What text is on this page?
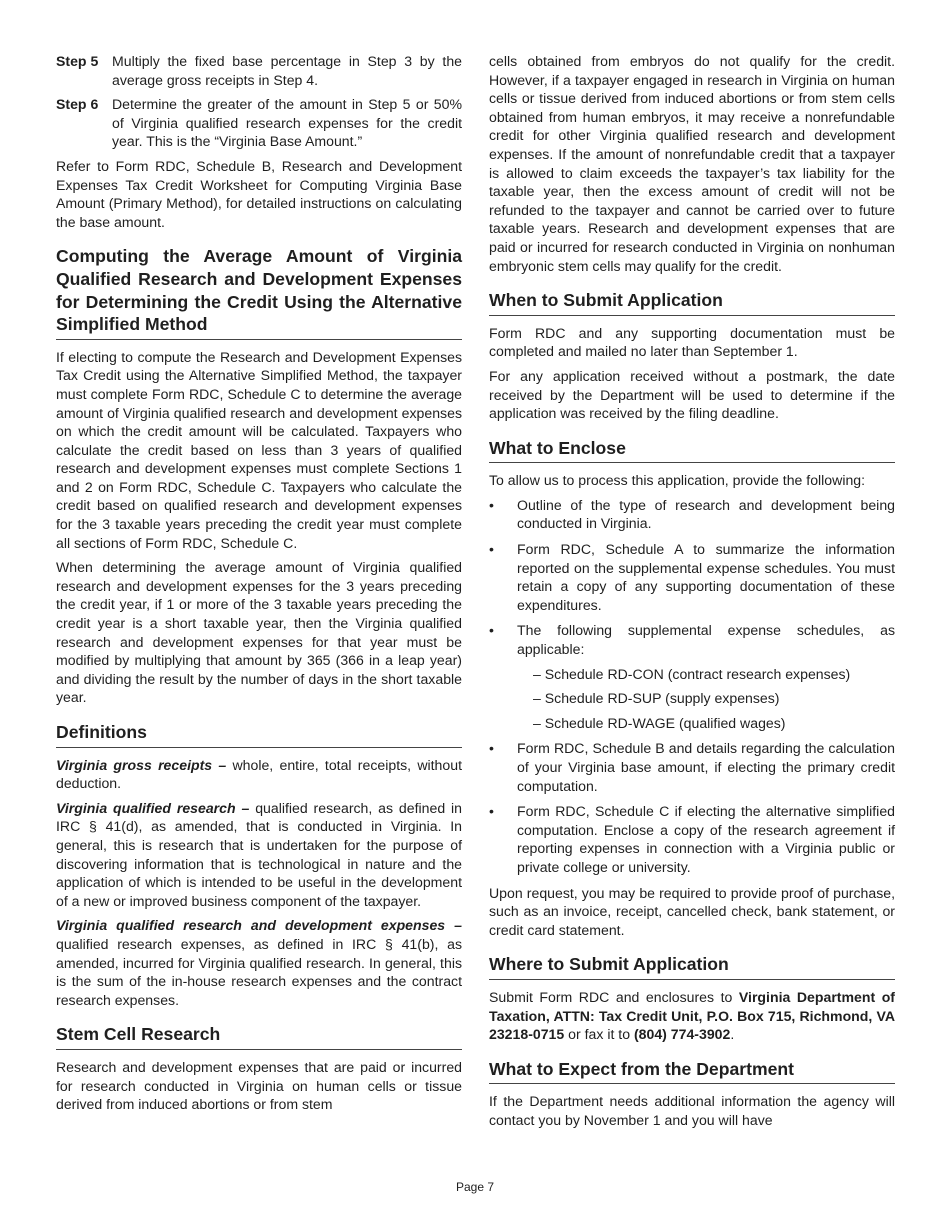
Step 5 Multiply the fixed base percentage in Step 3 by the average gross receipts in Step 4.
Step 6 Determine the greater of the amount in Step 5 or 50% of Virginia qualified research expenses for the credit year. This is the “Virginia Base Amount.”

Refer to Form RDC, Schedule B, Research and Development Expenses Tax Credit Worksheet for Computing Virginia Base Amount (Primary Method), for detailed instructions on calculating the base amount.

Computing the Average Amount of Virginia Qualified Research and Development Expenses for Determining the Credit Using the Alternative Simplified Method

If electing to compute the Research and Development Expenses Tax Credit using the Alternative Simplified Method, the taxpayer must complete Form RDC, Schedule C to determine the average amount of Virginia qualified research and development expenses on which the credit amount will be calculated. Taxpayers who calculate the credit based on less than 3 years of qualified research and development expenses must complete Sections 1 and 2 on Form RDC, Schedule C. Taxpayers who calculate the credit based on qualified research and development expenses for the 3 taxable years preceding the credit year must complete all sections of Form RDC, Schedule C.

When determining the average amount of Virginia qualified research and development expenses for the 3 years preceding the credit year, if 1 or more of the 3 taxable years preceding the credit year is a short taxable year, then the Virginia qualified research and development expenses for that year must be modified by multiplying that amount by 365 (366 in a leap year) and dividing the result by the number of days in the short taxable year.

Definitions

Virginia gross receipts – whole, entire, total receipts, without deduction.

Virginia qualified research – qualified research, as defined in IRC § 41(d), as amended, that is conducted in Virginia. In general, this is research that is undertaken for the purpose of discovering information that is technological in nature and the application of which is intended to be useful in the development of a new or improved business component of the taxpayer.

Virginia qualified research and development expenses – qualified research expenses, as defined in IRC § 41(b), as amended, incurred for Virginia qualified research. In general, this is the sum of the in-house research expenses and the contract research expenses.

Stem Cell Research

Research and development expenses that are paid or incurred for research conducted in Virginia on human cells or tissue derived from induced abortions or from stem

cells obtained from embryos do not qualify for the credit. However, if a taxpayer engaged in research in Virginia on human cells or tissue derived from induced abortions or from stem cells obtained from human embryos, it may receive a nonrefundable credit for other Virginia qualified research and development expenses. If the amount of nonrefundable credit that a taxpayer is allowed to claim exceeds the taxpayer’s tax liability for the taxable year, then the excess amount of credit will not be refunded to the taxpayer and cannot be carried over to future taxable years. Research and development expenses that are paid or incurred for research conducted in Virginia on nonhuman embryonic stem cells may qualify for the credit.

When to Submit Application

Form RDC and any supporting documentation must be completed and mailed no later than September 1.

For any application received without a postmark, the date received by the Department will be used to determine if the application was received by the filing deadline.

What to Enclose

To allow us to process this application, provide the following:

• Outline of the type of research and development being conducted in Virginia.
• Form RDC, Schedule A to summarize the information reported on the supplemental expense schedules. You must retain a copy of any supporting documentation of these expenditures.
• The following supplemental expense schedules, as applicable:
– Schedule RD-CON (contract research expenses)
– Schedule RD-SUP (supply expenses)
– Schedule RD-WAGE (qualified wages)
• Form RDC, Schedule B and details regarding the calculation of your Virginia base amount, if electing the primary credit computation.
• Form RDC, Schedule C if electing the alternative simplified computation. Enclose a copy of the research agreement if reporting expenses in connection with a Virginia public or private college or university.

Upon request, you may be required to provide proof of purchase, such as an invoice, receipt, cancelled check, bank statement, or credit card statement.

Where to Submit Application

Submit Form RDC and enclosures to Virginia Department of Taxation, ATTN: Tax Credit Unit, P.O. Box 715, Richmond, VA 23218-0715 or fax it to (804) 774-3902.

What to Expect from the Department

If the Department needs additional information the agency will contact you by November 1 and you will have

Page 7
